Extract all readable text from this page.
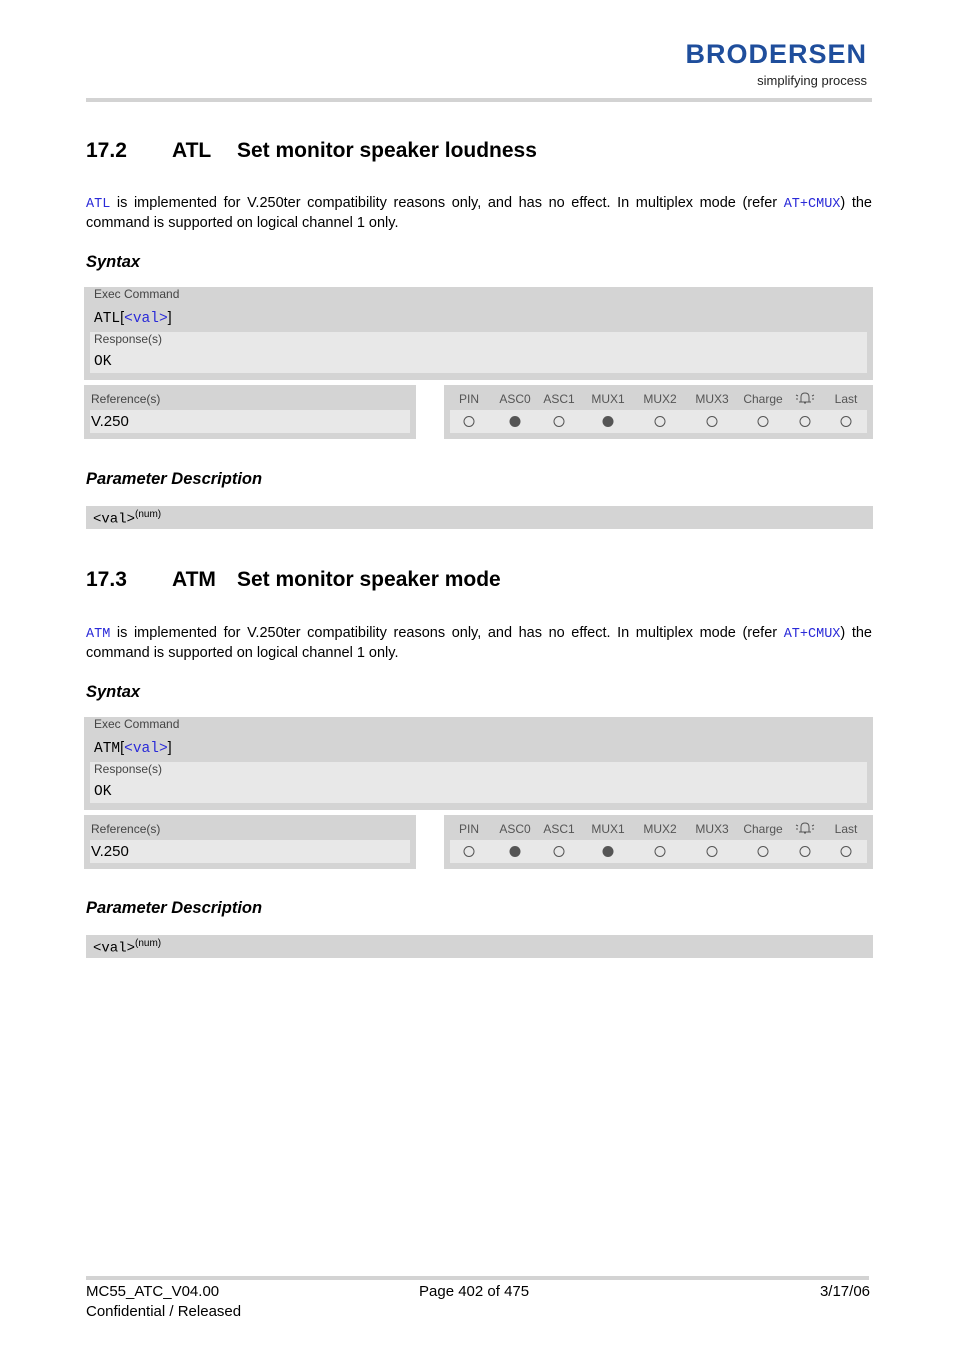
BRODERSEN
simplifying process
17.2 ATL Set monitor speaker loudness

ATL is implemented for V.250ter compatibility reasons only, and has no effect. In multiplex mode (refer AT+CMUX) the command is supported on logical channel 1 only.

Syntax
Exec Command
ATL[<val>]
Response(s)
OK
Reference(s)
V.250
PIN ASC0 ASC1 MUX1 MUX2 MUX3 Charge	Last
Parameter Description
<val>$^{(num)}$
17.3 ATM Set monitor speaker mode

ATM is implemented for V.250ter compatibility reasons only, and has no effect. In multiplex mode (refer AT+CMUX) the command is supported on logical channel 1 only.

Syntax
Exec Command
ATM[<val>]
Response(s)
OK
Reference(s)
V.250
PIN ASC0 ASC1 MUX1 MUX2 MUX3 Charge	Last
Parameter Description
<val>$^{(num)}$
MC55_ATC_V04.00
Confidential / Released
Page 402 of 475	3/17/06
